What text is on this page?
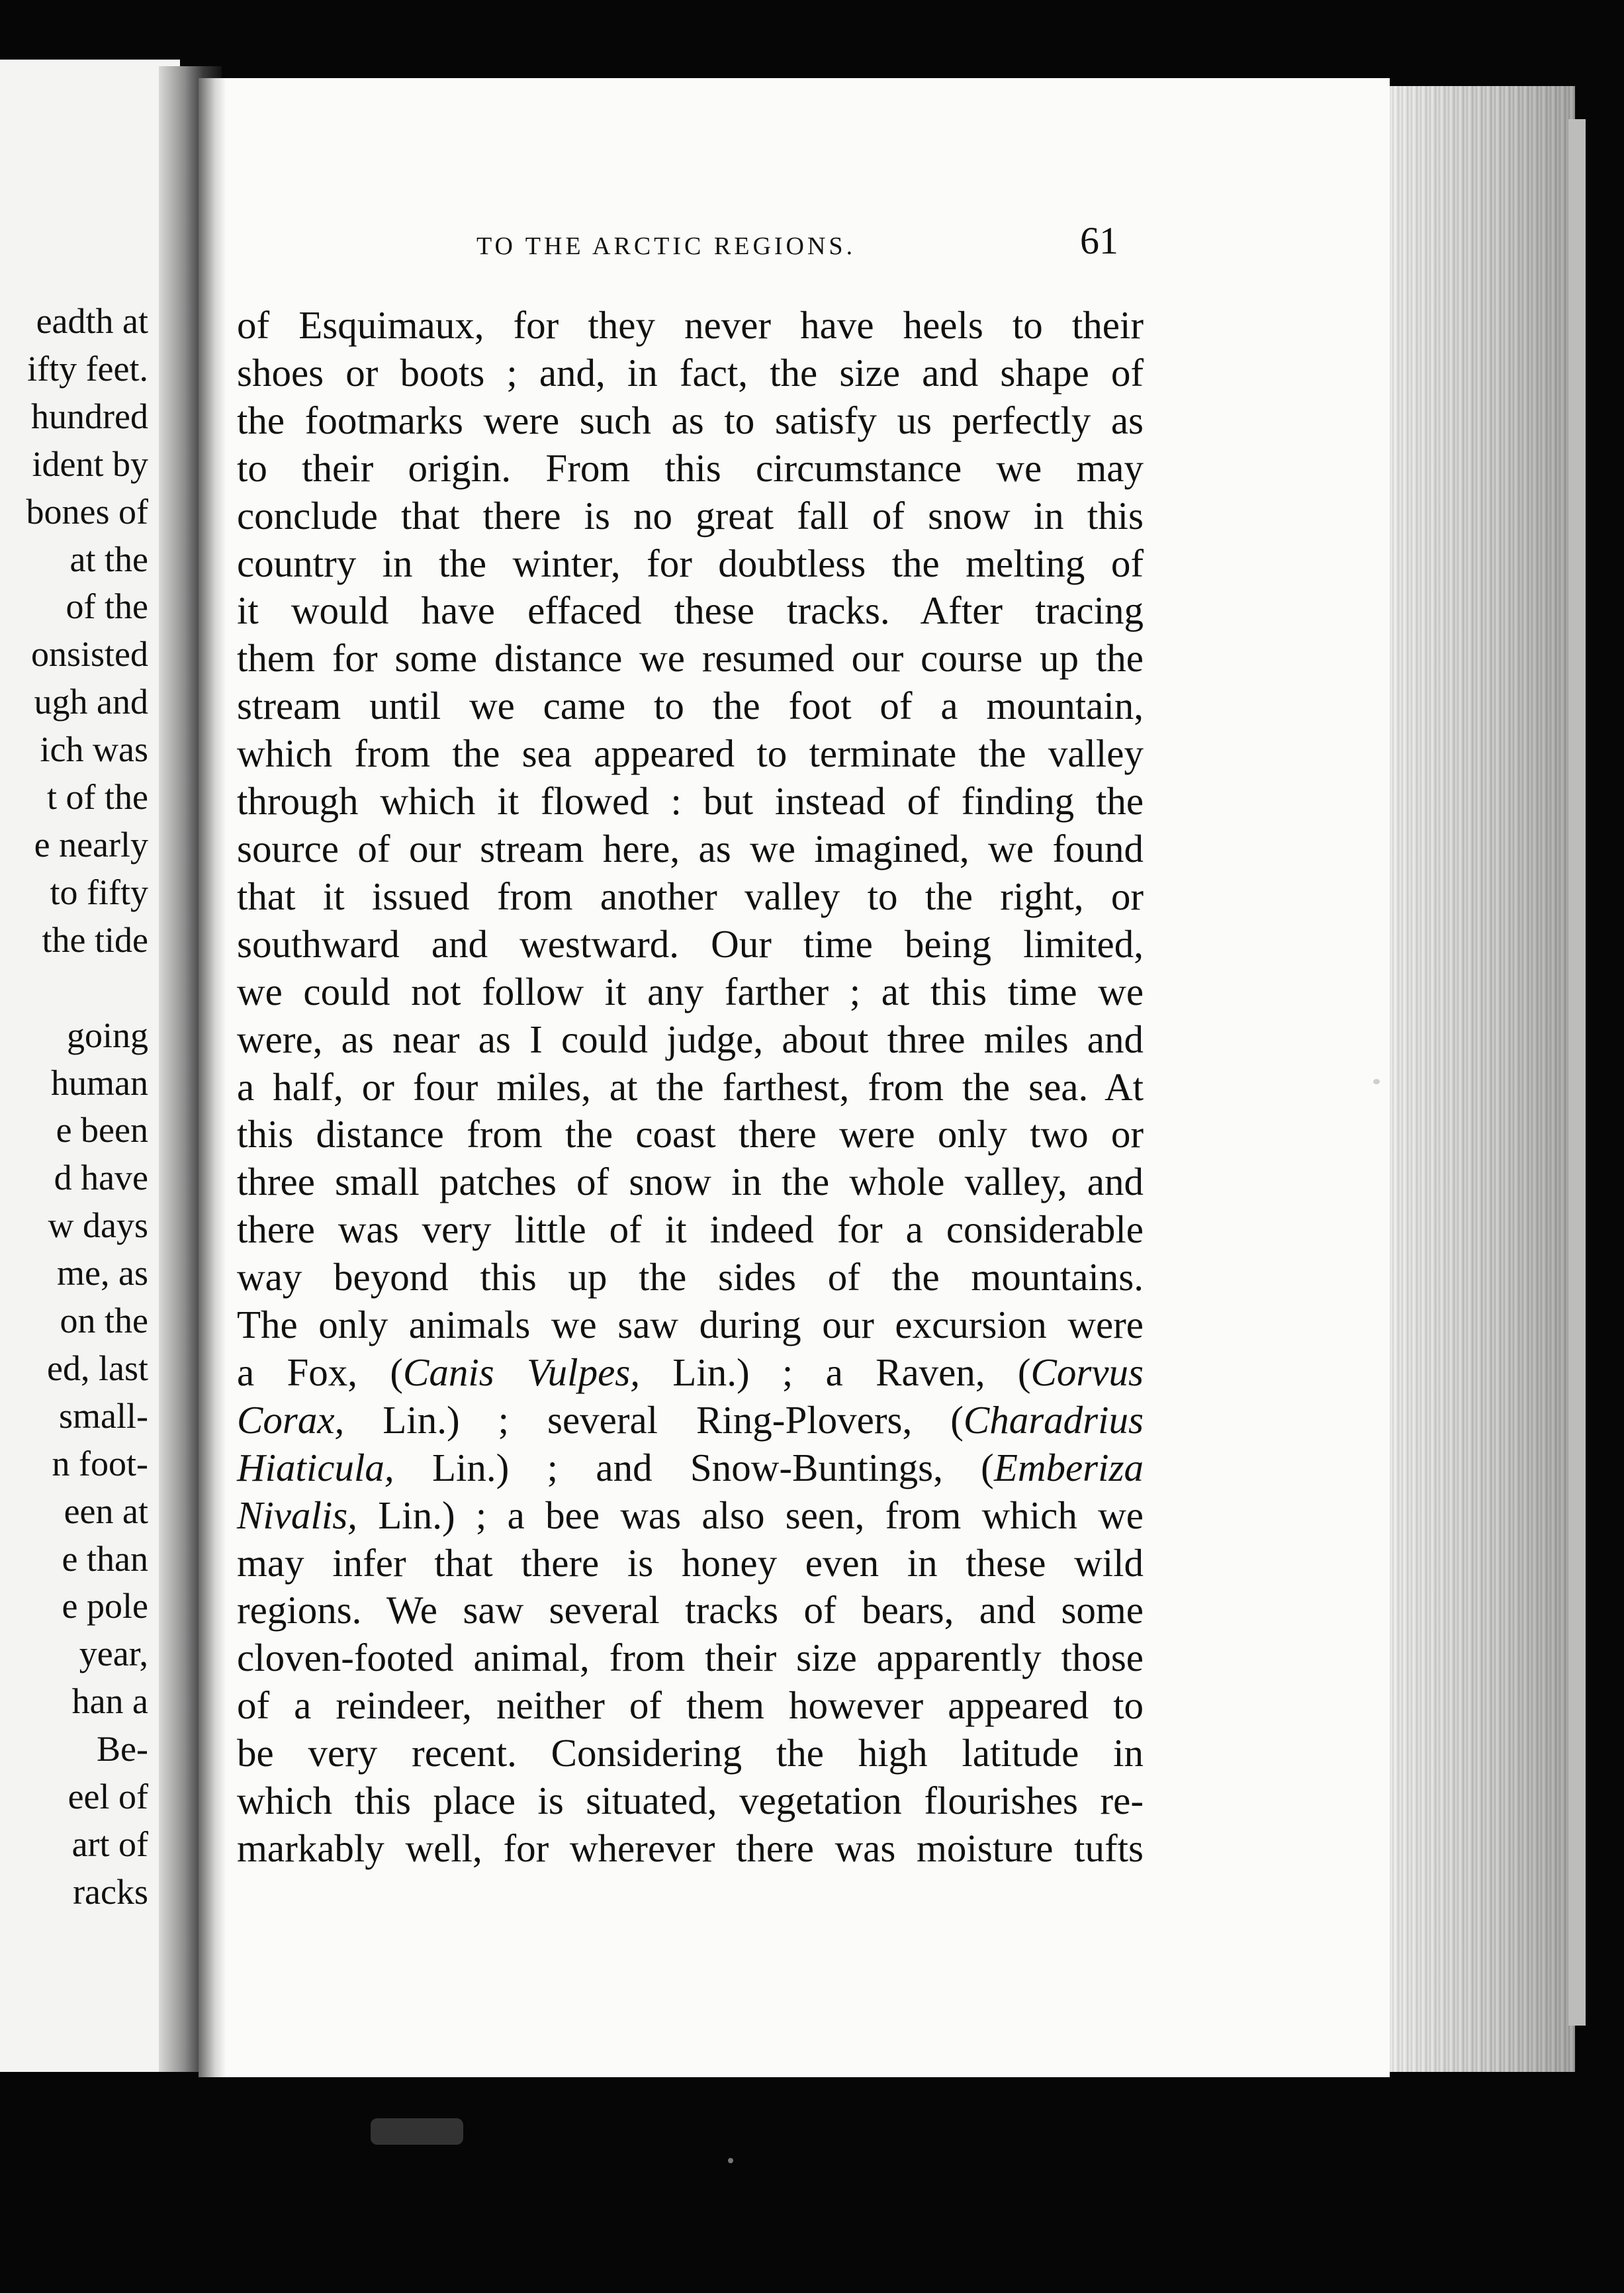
eadth at
ifty feet.
hundred
ident by
bones of
at the
of the
onsisted
ugh and
ich was
t of the
e nearly
to fifty
the tide

going
human
e been
d have
w days
me, as
on the
ed, last
small-
n foot-
een at
e than
e pole
year,
han a
Be-
eel of
art of
racks
TO THE ARCTIC REGIONS.	61
of Esquimaux, for they never have heels to their
shoes or boots ; and, in fact, the size and shape of
the footmarks were such as to satisfy us perfectly as
to their origin. From this circumstance we may
conclude that there is no great fall of snow in this
country in the winter, for doubtless the melting of
it would have effaced these tracks. After tracing
them for some distance we resumed our course up the
stream until we came to the foot of a mountain,
which from the sea appeared to terminate the valley
through which it flowed : but instead of finding the
source of our stream here, as we imagined, we found
that it issued from another valley to the right, or
southward and westward. Our time being limited,
we could not follow it any farther ; at this time we
were, as near as I could judge, about three miles and
a half, or four miles, at the farthest, from the sea. At
this distance from the coast there were only two or
three small patches of snow in the whole valley, and
there was very little of it indeed for a considerable
way beyond this up the sides of the mountains.
The only animals we saw during our excursion were
a Fox, (Canis Vulpes, Lin.) ; a Raven, (Corvus
Corax, Lin.) ; several Ring-Plovers, (Charadrius
Hiaticula, Lin.) ; and Snow-Buntings, (Emberiza
Nivalis, Lin.) ; a bee was also seen, from which we
may infer that there is honey even in these wild
regions. We saw several tracks of bears, and some
cloven-footed animal, from their size apparently those
of a reindeer, neither of them however appeared to
be very recent. Considering the high latitude in
which this place is situated, vegetation flourishes re-
markably well, for wherever there was moisture tufts
